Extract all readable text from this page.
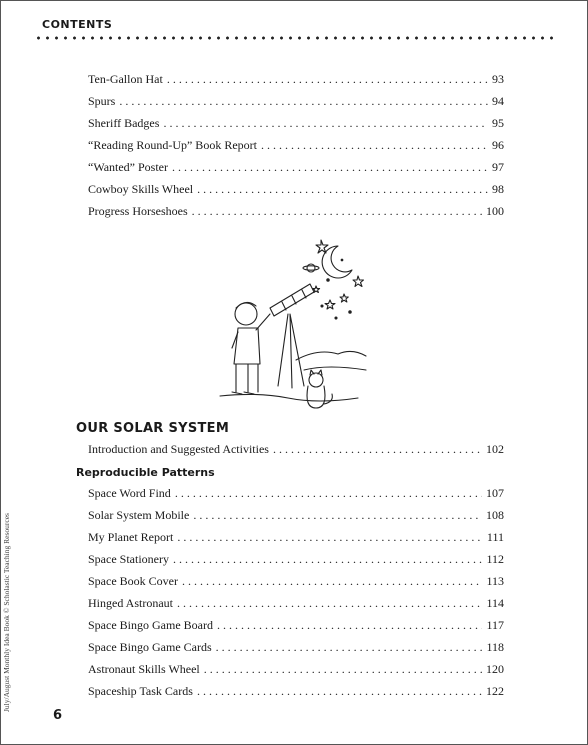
CONTENTS
Ten-Gallon Hat . . .	93
Spurs . . .	94
Sheriff Badges . . .	95
“Reading Round-Up” Book Report . . .	96
“Wanted” Poster . . .	97
Cowboy Skills Wheel . . .	98
Progress Horseshoes . . .	100
OUR SOLAR SYSTEM
Introduction and Suggested Activities . . .	102
Reproducible Patterns
Space Word Find . . .	107
Solar System Mobile . . .	108
My Planet Report . . .	111
Space Stationery . . .	112
Space Book Cover . . .	113
Hinged Astronaut . . .	114
Space Bingo Game Board . . .	117
Space Bingo Game Cards . . .	118
Astronaut Skills Wheel . . .	120
Spaceship Task Cards . . .	122
July/August Monthly Idea Book © Scholastic Teaching Resources
6
